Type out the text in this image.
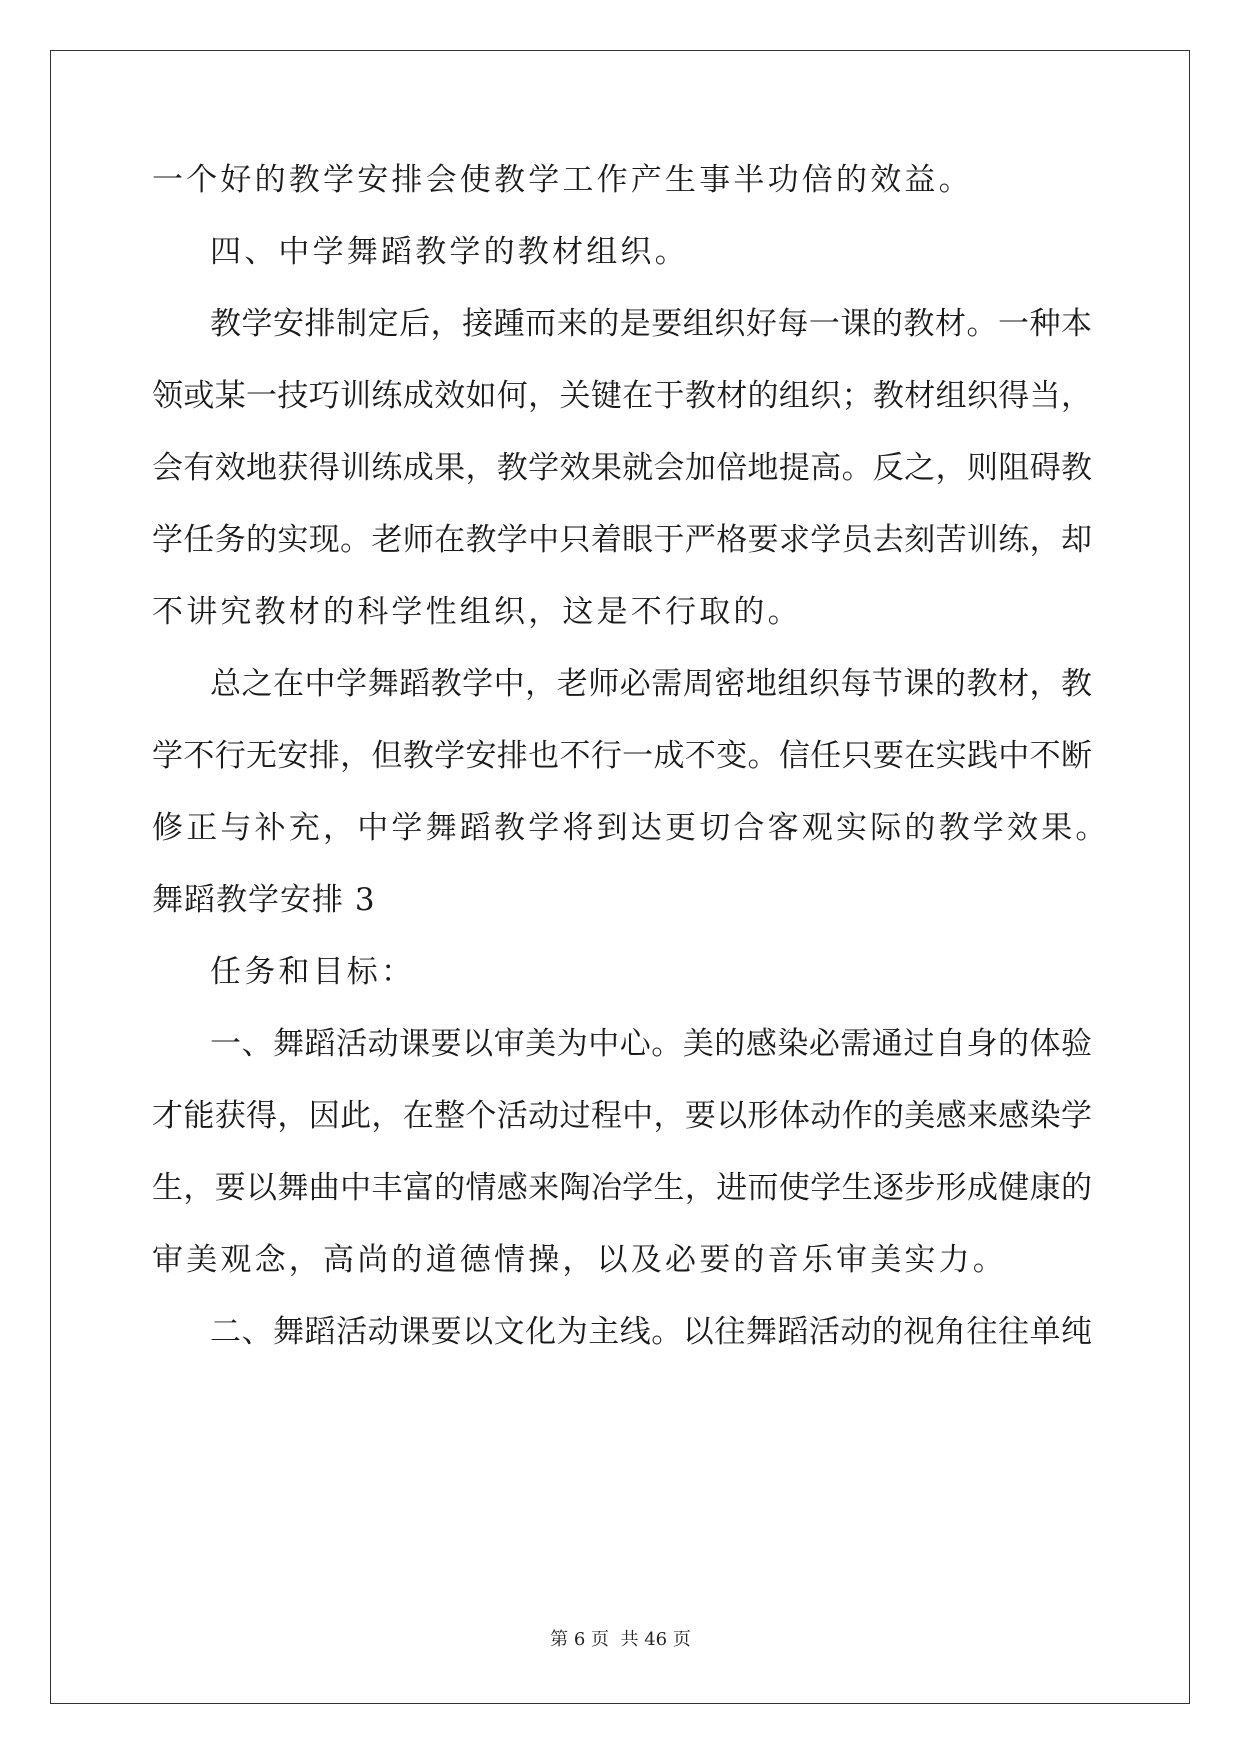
一个好的教学安排会使教学工作产生事半功倍的效益。
四、中学舞蹈教学的教材组织。
教学安排制定后，接踵而来的是要组织好每一课的教材。一种本
领或某一技巧训练成效如何，关键在于教材的组织；教材组织得当，
会有效地获得训练成果，教学效果就会加倍地提高。反之，则阻碍教
学任务的实现。老师在教学中只着眼于严格要求学员去刻苦训练，却
不讲究教材的科学性组织，这是不行取的。
总之在中学舞蹈教学中，老师必需周密地组织每节课的教材，教
学不行无安排，但教学安排也不行一成不变。信任只要在实践中不断
修正与补充，中学舞蹈教学将到达更切合客观实际的教学效果。
舞蹈教学安排 3
任务和目标：
一、舞蹈活动课要以审美为中心。美的感染必需通过自身的体验
才能获得，因此，在整个活动过程中，要以形体动作的美感来感染学
生，要以舞曲中丰富的情感来陶冶学生，进而使学生逐步形成健康的
审美观念，高尚的道德情操，以及必要的音乐审美实力。
二、舞蹈活动课要以文化为主线。以往舞蹈活动的视角往往单纯
第 6 页  共 46 页
